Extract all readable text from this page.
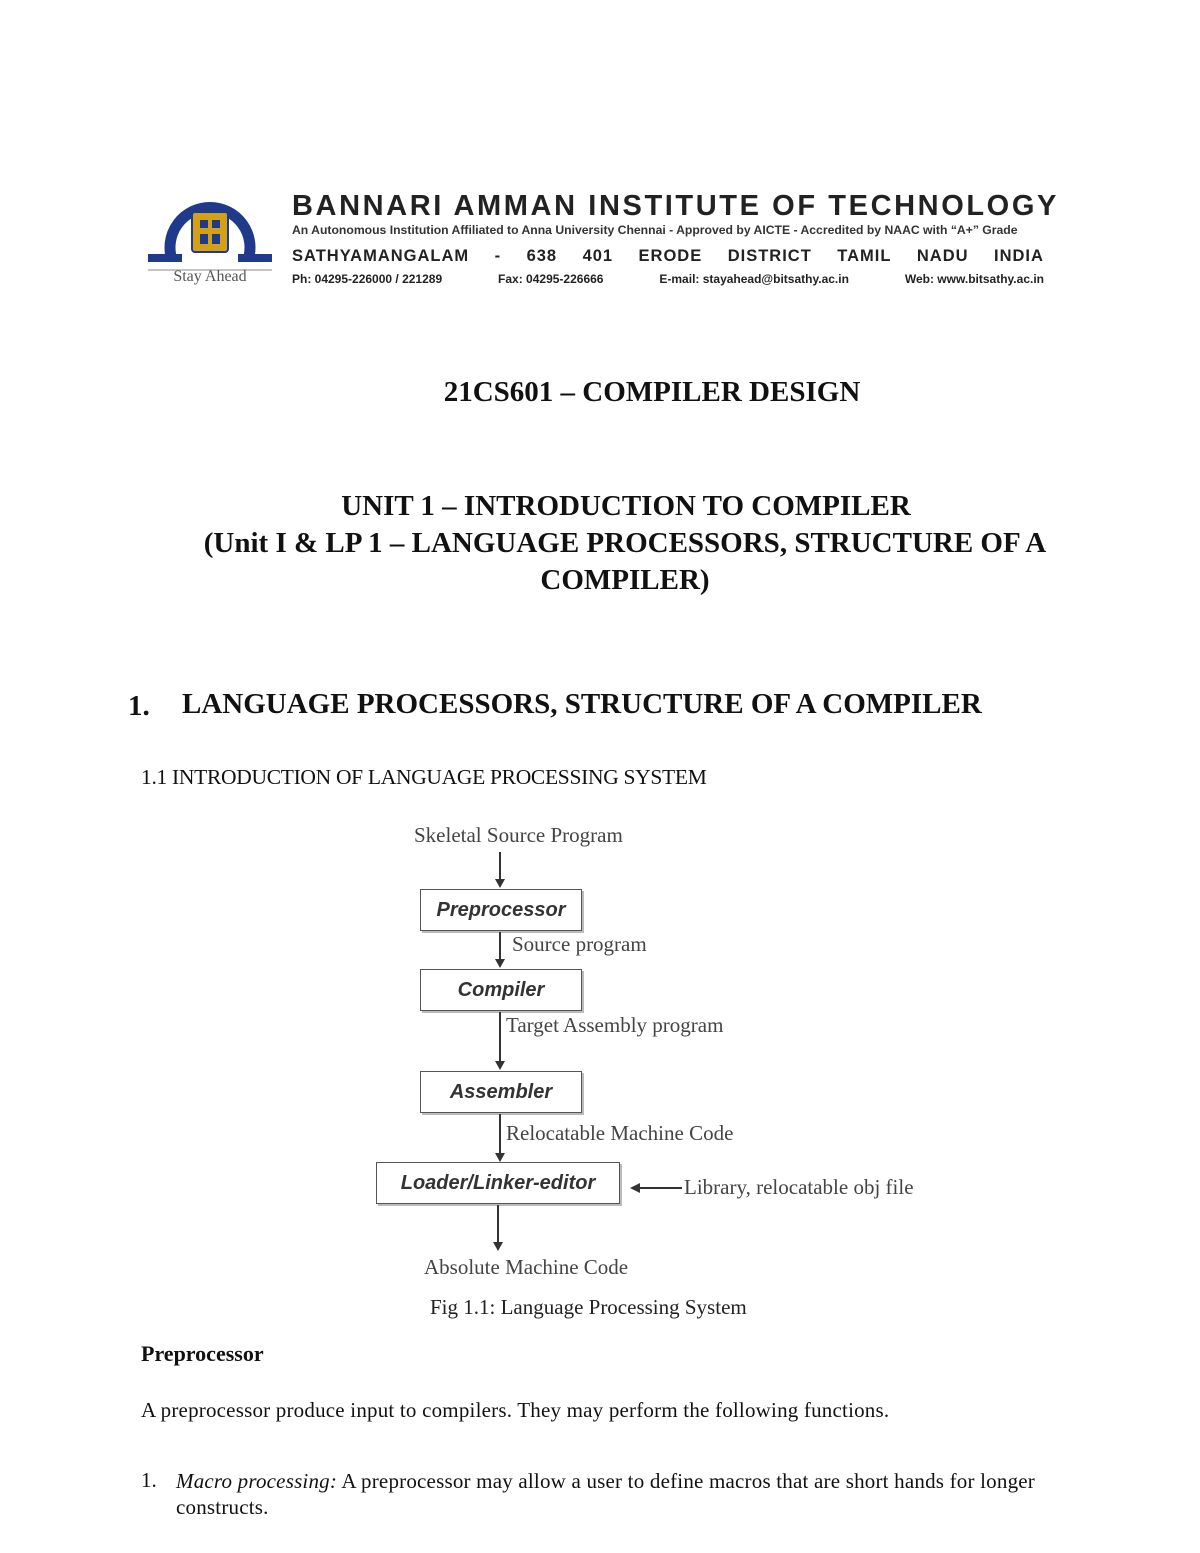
Stay Ahead
BANNARI AMMAN INSTITUTE OF TECHNOLOGY
An Autonomous Institution Affiliated to Anna University Chennai - Approved by AICTE - Accredited by NAAC with “A+” Grade
SATHYAMANGALAM - 638 401 ERODE DISTRICT TAMIL NADU INDIA
Ph: 04295-226000 / 221289	Fax: 04295-226666	E-mail: stayahead@bitsathy.ac.in	Web: www.bitsathy.ac.in
21CS601 – COMPILER DESIGN
UNIT 1 – INTRODUCTION TO COMPILER
(Unit I & LP 1 – LANGUAGE PROCESSORS, STRUCTURE OF A
COMPILER)
1. LANGUAGE PROCESSORS, STRUCTURE OF A COMPILER
1.1 INTRODUCTION OF LANGUAGE PROCESSING SYSTEM
Skeletal Source Program
Preprocessor
Source program
Compiler
Target Assembly program
Assembler
Relocatable Machine Code
Loader/Linker-editor	Library, relocatable obj file
Absolute Machine Code
Fig 1.1: Language Processing System
Preprocessor
A preprocessor produce input to compilers. They may perform the following functions.
1. Macro processing: A preprocessor may allow a user to define macros that are short hands for longer constructs.
